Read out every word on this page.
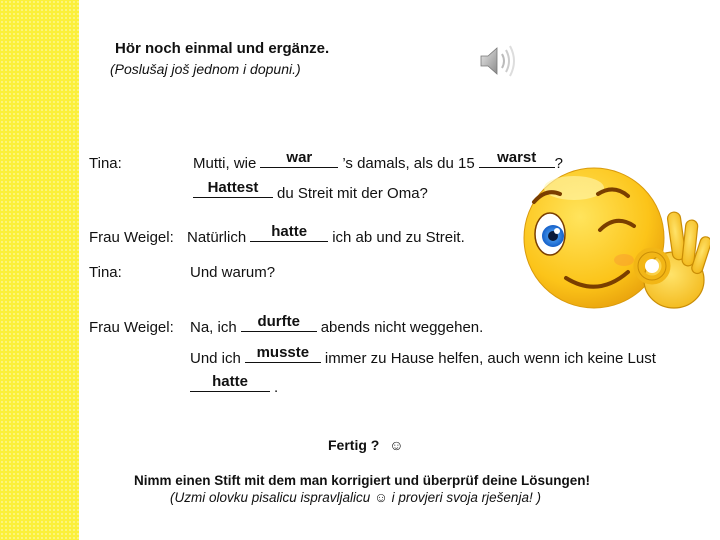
Hör noch einmal und ergänze.
(Poslušaj još jednom i dopuni.)
Tina:	Mutti, wie	war	’s damals, als du 15	warst	?
Hattest	du Streit mit der Oma?
Frau Weigel: Natürlich	hatte	ich ab und zu Streit.
Tina:	Und warum?
Frau Weigel:	Na, ich	durfte	abends nicht weggehen.
Und ich	musste	immer zu Hause helfen, auch wenn ich keine Lust
hatte	.
Fertig ? ☺
Nimm einen Stift mit dem man korrigiert und überprüf deine Lösungen!
(Uzmi olovku pisalicu ispravljalicu ☺ i provjeri svoja rješenja! )
